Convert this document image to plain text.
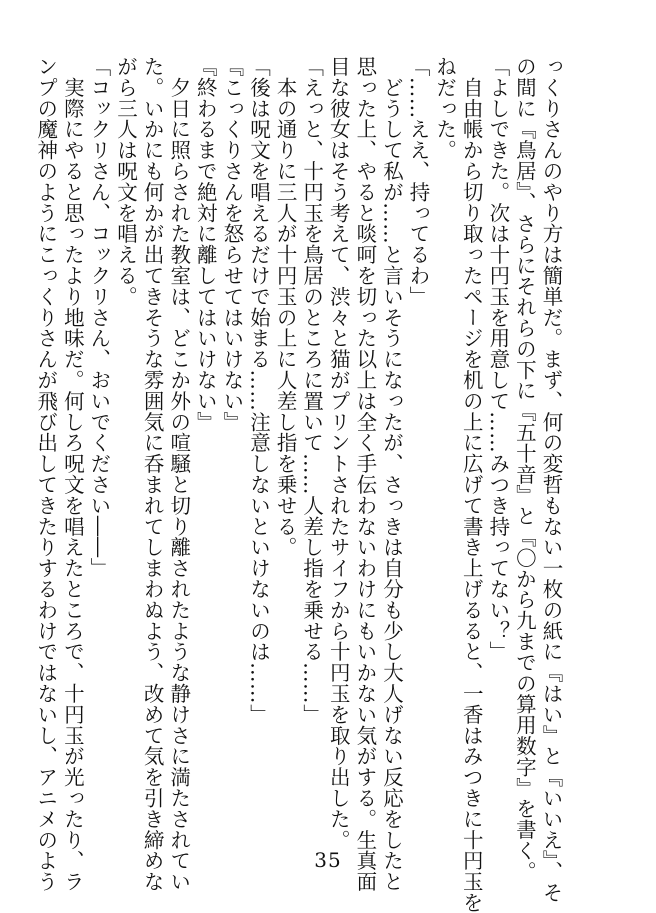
っくりさんのやり方は簡単だ。まず、何の変哲もない一枚の紙に『はい』と『いいえ』、そ
の間に『鳥居』、さらにそれらの下に『五十音』と『〇から九までの算用数字』を書く。
「よしできた。次は十円玉を用意して……みつき持ってない？」
　自由帳から切り取ったページを机の上に広げて書き上げるると、一香はみつきに十円玉を
ねだった。
「……ええ、持ってるわ」
　どうして私が……と言いそうになったが、さっきは自分も少し大人げない反応をしたと
思った上、やると啖呵を切った以上は全く手伝わないわけにもいかない気がする。生真面
目な彼女はそう考えて、渋々と猫がプリントされたサイフから十円玉を取り出した。
「えっと、十円玉を鳥居のところに置いて……人差し指を乗せる……」
　本の通りに三人が十円玉の上に人差し指を乗せる。
「後は呪文を唱えるだけで始まる……注意しないといけないのは……」
『こっくりさんを怒らせてはいけない』
『終わるまで絶対に離してはいけない』
　夕日に照らされた教室は、どこか外の喧騒と切り離されたような静けさに満たされてい
た。いかにも何かが出てきそうな雰囲気に呑まれてしまわぬよう、改めて気を引き締めな
がら三人は呪文を唱える。
「コックリさん、コックリさん、おいでください――」
　実際にやると思ったより地味だ。何しろ呪文を唱えたところで、十円玉が光ったり、ラ
ンプの魔神のようにこっくりさんが飛び出してきたりするわけではないし、アニメのよう	35
